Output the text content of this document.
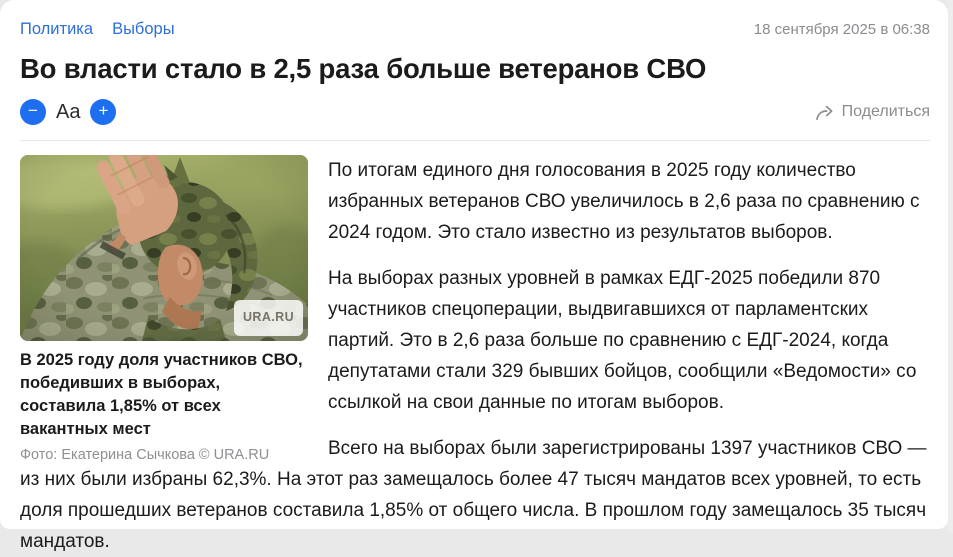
Политика Выборы	18 сентября 2025 в 06:38
Во власти стало в 2,5 раза больше ветеранов СВО
− Aa +	Поделиться
URA.RU
В 2025 году доля участников СВО, победивших в выборах, составила 1,85% от всех вакантных мест
Фото: Екатерина Сычкова © URA.RU

По итогам единого дня голосования в 2025 году количество избранных ветеранов СВО увеличилось в 2,6 раза по сравнению с 2024 годом. Это стало известно из результатов выборов.

На выборах разных уровней в рамках ЕДГ-2025 победили 870 участников спецоперации, выдвигавшихся от парламентских партий. Это в 2,6 раза больше по сравнению с ЕДГ-2024, когда депутатами стали 329 бывших бойцов, сообщили «Ведомости» со ссылкой на свои данные по итогам выборов.

Всего на выборах были зарегистрированы 1397 участников СВО — из них были избраны 62,3%. На этот раз замещалось более 47 тысяч мандатов всех уровней, то есть доля прошедших ветеранов составила 1,85% от общего числа. В прошлом году замещалось 35 тысяч мандатов.
